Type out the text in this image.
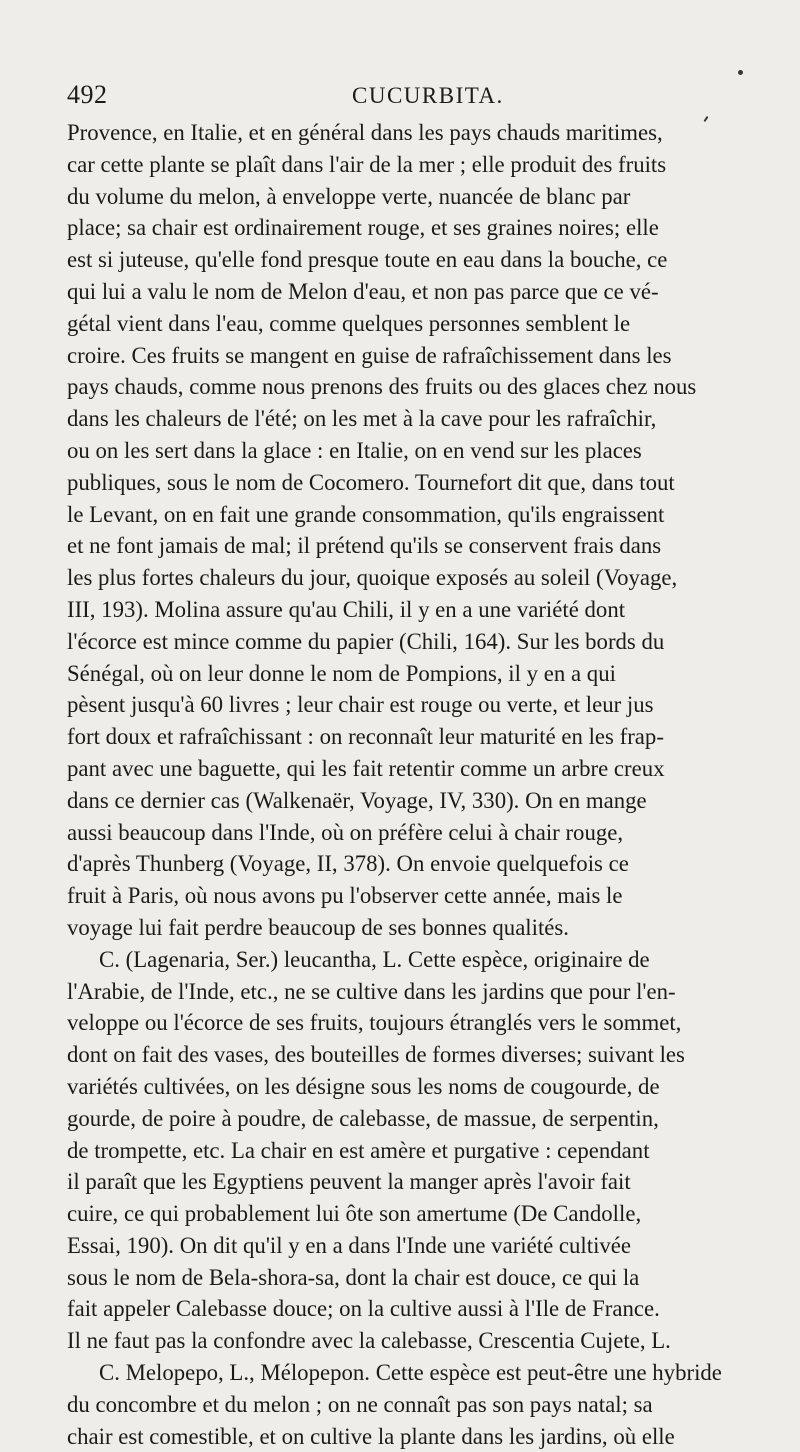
492	CUCURBITA.
Provence, en Italie, et en général dans les pays chauds maritimes,
car cette plante se plaît dans l'air de la mer ; elle produit des fruits
du volume du melon, à enveloppe verte, nuancée de blanc par
place; sa chair est ordinairement rouge, et ses graines noires; elle
est si juteuse, qu'elle fond presque toute en eau dans la bouche, ce
qui lui a valu le nom de Melon d'eau, et non pas parce que ce vé-
gétal vient dans l'eau, comme quelques personnes semblent le
croire. Ces fruits se mangent en guise de rafraîchissement dans les
pays chauds, comme nous prenons des fruits ou des glaces chez nous
dans les chaleurs de l'été; on les met à la cave pour les rafraîchir,
ou on les sert dans la glace : en Italie, on en vend sur les places
publiques, sous le nom de Cocomero. Tournefort dit que, dans tout
le Levant, on en fait une grande consommation, qu'ils engraissent
et ne font jamais de mal; il prétend qu'ils se conservent frais dans
les plus fortes chaleurs du jour, quoique exposés au soleil (Voyage,
III, 193). Molina assure qu'au Chili, il y en a une variété dont
l'écorce est mince comme du papier (Chili, 164). Sur les bords du
Sénégal, où on leur donne le nom de Pompions, il y en a qui
pèsent jusqu'à 60 livres ; leur chair est rouge ou verte, et leur jus
fort doux et rafraîchissant : on reconnaît leur maturité en les frap-
pant avec une baguette, qui les fait retentir comme un arbre creux
dans ce dernier cas (Walkenaër, Voyage, IV, 330). On en mange
aussi beaucoup dans l'Inde, où on préfère celui à chair rouge,
d'après Thunberg (Voyage, II, 378). On envoie quelquefois ce
fruit à Paris, où nous avons pu l'observer cette année, mais le
voyage lui fait perdre beaucoup de ses bonnes qualités.
C. (Lagenaria, Ser.) leucantha, L. Cette espèce, originaire de
l'Arabie, de l'Inde, etc., ne se cultive dans les jardins que pour l'en-
veloppe ou l'écorce de ses fruits, toujours étranglés vers le sommet,
dont on fait des vases, des bouteilles de formes diverses; suivant les
variétés cultivées, on les désigne sous les noms de cougourde, de
gourde, de poire à poudre, de calebasse, de massue, de serpentin,
de trompette, etc. La chair en est amère et purgative : cependant
il paraît que les Egyptiens peuvent la manger après l'avoir fait
cuire, ce qui probablement lui ôte son amertume (De Candolle,
Essai, 190). On dit qu'il y en a dans l'Inde une variété cultivée
sous le nom de Bela-shora-sa, dont la chair est douce, ce qui la
fait appeler Calebasse douce; on la cultive aussi à l'Ile de France.
Il ne faut pas la confondre avec la calebasse, Crescentia Cujete, L.
C. Melopepo, L., Mélopepon. Cette espèce est peut-être une hybride
du concombre et du melon ; on ne connaît pas son pays natal; sa
chair est comestible, et on cultive la plante dans les jardins, où elle
